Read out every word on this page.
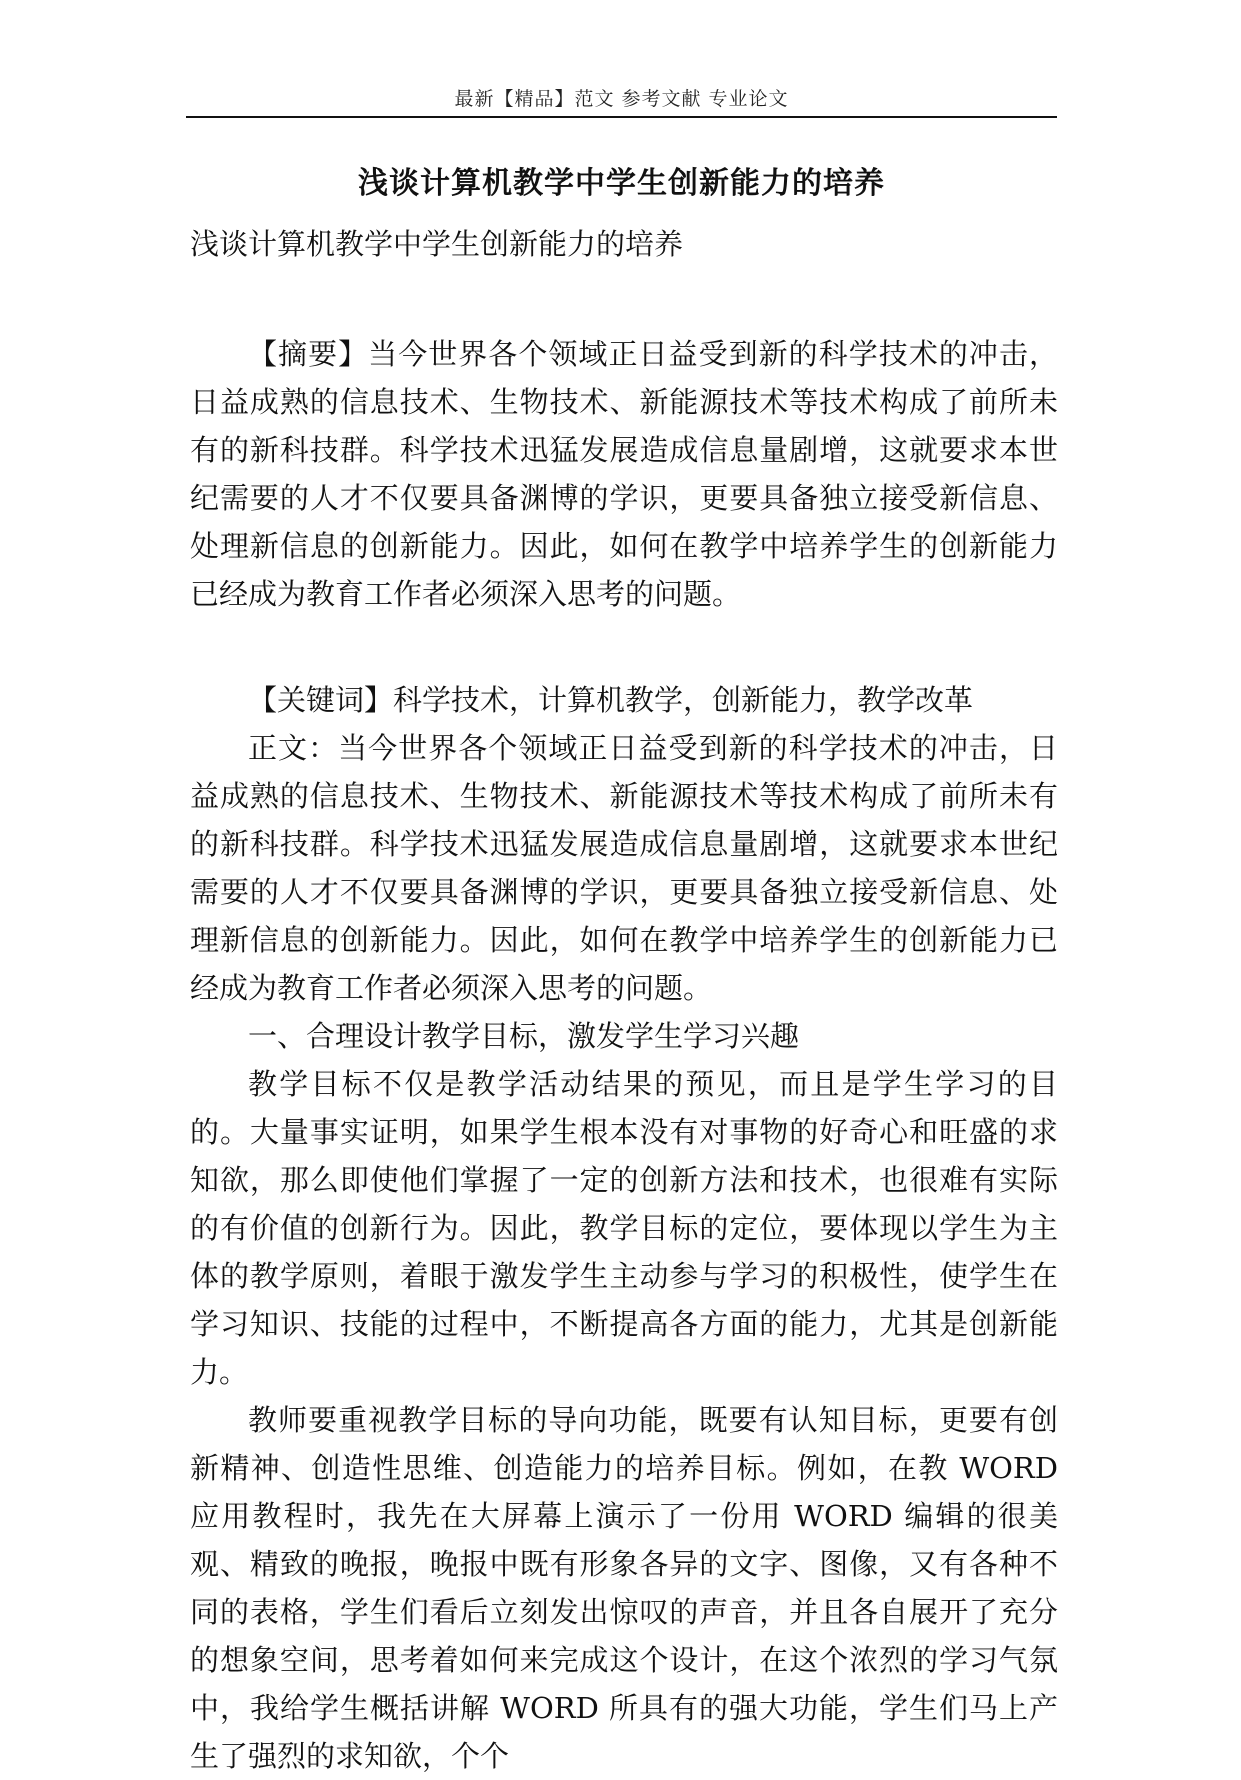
最新【精品】范文 参考文献 专业论文
浅谈计算机教学中学生创新能力的培养

浅谈计算机教学中学生创新能力的培养

【摘要】当今世界各个领域正日益受到新的科学技术的冲击，日益成熟的信息技术、生物技术、新能源技术等技术构成了前所未有的新科技群。科学技术迅猛发展造成信息量剧增，这就要求本世纪需要的人才不仅要具备渊博的学识，更要具备独立接受新信息、处理新信息的创新能力。因此，如何在教学中培养学生的创新能力已经成为教育工作者必须深入思考的问题。

【关键词】科学技术，计算机教学，创新能力，教学改革

正文：当今世界各个领域正日益受到新的科学技术的冲击，日益成熟的信息技术、生物技术、新能源技术等技术构成了前所未有的新科技群。科学技术迅猛发展造成信息量剧增，这就要求本世纪需要的人才不仅要具备渊博的学识，更要具备独立接受新信息、处理新信息的创新能力。因此，如何在教学中培养学生的创新能力已经成为教育工作者必须深入思考的问题。

一、合理设计教学目标，激发学生学习兴趣

教学目标不仅是教学活动结果的预见，而且是学生学习的目的。大量事实证明，如果学生根本没有对事物的好奇心和旺盛的求知欲，那么即使他们掌握了一定的创新方法和技术，也很难有实际的有价值的创新行为。因此，教学目标的定位，要体现以学生为主体的教学原则，着眼于激发学生主动参与学习的积极性，使学生在学习知识、技能的过程中，不断提高各方面的能力，尤其是创新能力。

教师要重视教学目标的导向功能，既要有认知目标，更要有创新精神、创造性思维、创造能力的培养目标。例如，在教 WORD 应用教程时，我先在大屏幕上演示了一份用 WORD 编辑的很美观、精致的晚报，晚报中既有形象各异的文字、图像，又有各种不同的表格，学生们看后立刻发出惊叹的声音，并且各自展开了充分的想象空间，思考着如何来完成这个设计，在这个浓烈的学习气氛中，我给学生概括讲解 WORD 所具有的强大功能，学生们马上产生了强烈的求知欲，个个
